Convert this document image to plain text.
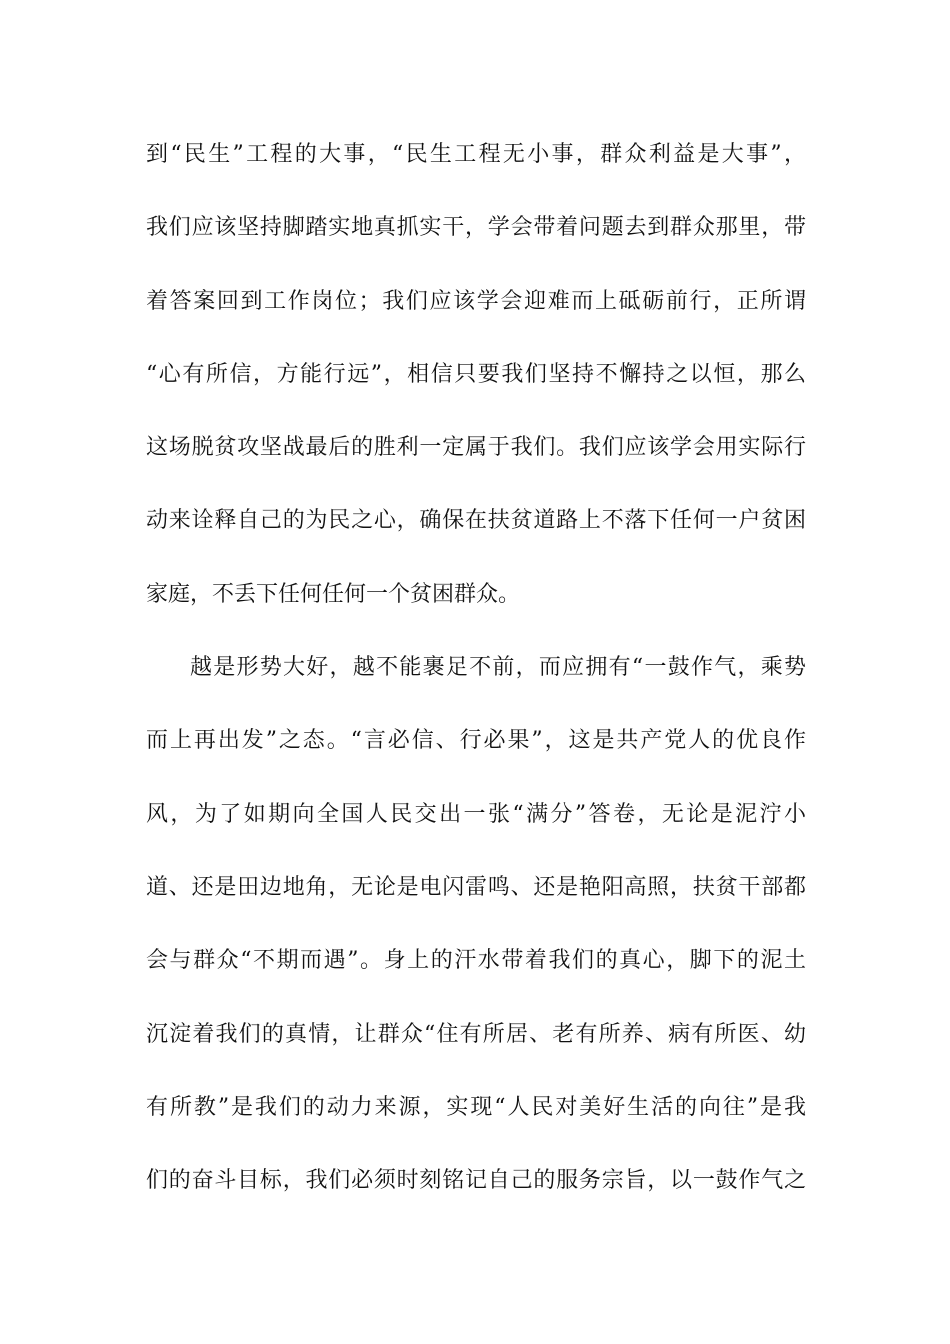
到“民生”工程的大事，“民生工程无小事，群众利益是大事”，
我们应该坚持脚踏实地真抓实干，学会带着问题去到群众那里，带
着答案回到工作岗位；我们应该学会迎难而上砥砺前行，正所谓
“心有所信，方能行远”，相信只要我们坚持不懈持之以恒，那么
这场脱贫攻坚战最后的胜利一定属于我们。我们应该学会用实际行
动来诠释自己的为民之心，确保在扶贫道路上不落下任何一户贫困
家庭，不丢下任何任何一个贫困群众。
越是形势大好，越不能裹足不前，而应拥有“一鼓作气，乘势
而上再出发”之态。“言必信、行必果”，这是共产党人的优良作
风，为了如期向全国人民交出一张“满分”答卷，无论是泥泞小
道、还是田边地角，无论是电闪雷鸣、还是艳阳高照，扶贫干部都
会与群众“不期而遇”。身上的汗水带着我们的真心，脚下的泥土
沉淀着我们的真情，让群众“住有所居、老有所养、病有所医、幼
有所教”是我们的动力来源，实现“人民对美好生活的向往”是我
们的奋斗目标，我们必须时刻铭记自己的服务宗旨，以一鼓作气之
